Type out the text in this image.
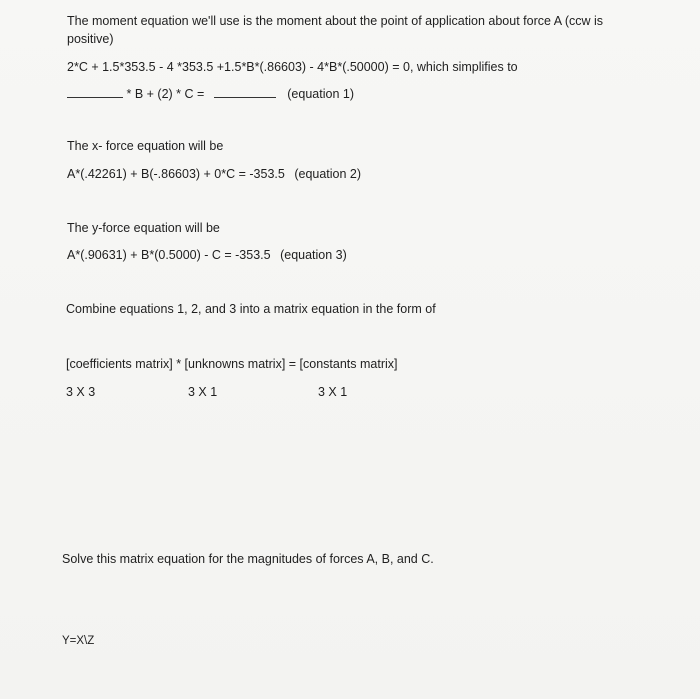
The moment equation we'll use is the moment about the point of application about force A (ccw is positive)
2*C + 1.5*353.5 - 4 *353.5 +1.5*B*(.86603) - 4*B*(.50000) = 0, which simplifies to
* B + (2) * C =	(equation 1)
The x- force equation will be
A*(.42261) + B(-.86603) + 0*C = -353.5 (equation 2)
The y-force equation will be
A*(.90631) + B*(0.5000) - C = -353.5 (equation 3)
Combine equations 1, 2, and 3 into a matrix equation in the form of
[coefficients matrix] * [unknowns matrix] = [constants matrix]
3 X 3	3 X 1	3 X 1
Solve this matrix equation for the magnitudes of forces A, B, and C.
Y=X\Z
